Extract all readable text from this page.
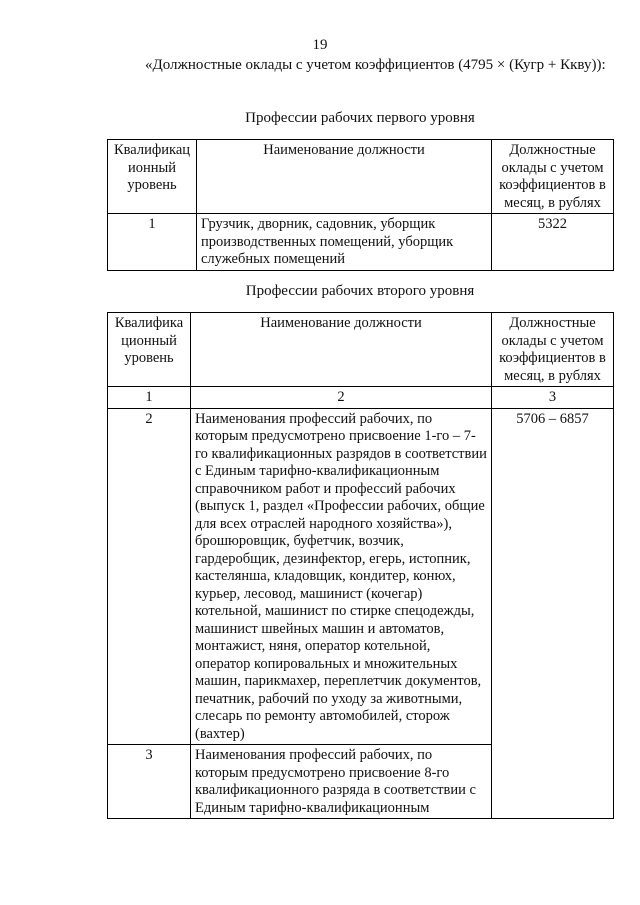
19
«Должностные оклады с учетом коэффициентов (4795 × (Кугр + Ккву)):
Профессии рабочих первого уровня
Квалификац ионный уровень	Наименование должности	Должностные оклады с учетом коэффициентов в месяц, в рублях
1	Грузчик, дворник, садовник, уборщик производственных помещений, уборщик служебных помещений	5322
Профессии рабочих второго уровня
Квалифика ционный уровень	Наименование должности	Должностные оклады с учетом коэффициентов в месяц, в рублях
1	2	3
2	Наименования профессий рабочих, по которым предусмотрено присвоение 1-го – 7-го квалификационных разрядов в соответствии с Единым тарифно-квалификационным справочником работ и профессий рабочих (выпуск 1, раздел «Профессии рабочих, общие для всех отраслей народного хозяйства»), брошюровщик, буфетчик, возчик, гардеробщик, дезинфектор, егерь, истопник, кастелянша, кладовщик, кондитер, конюх, курьер, лесовод, машинист (кочегар) котельной, машинист по стирке спецодежды, машинист швейных машин и автоматов, монтажист, няня, оператор котельной, оператор копировальных и множительных машин, парикмахер, переплетчик документов, печатник, рабочий по уходу за животными, слесарь по ремонту автомобилей, сторож (вахтер)	5706 – 6857
3	Наименования профессий рабочих, по которым предусмотрено присвоение 8-го квалификационного разряда в соответствии с Единым тарифно-квалификационным	
